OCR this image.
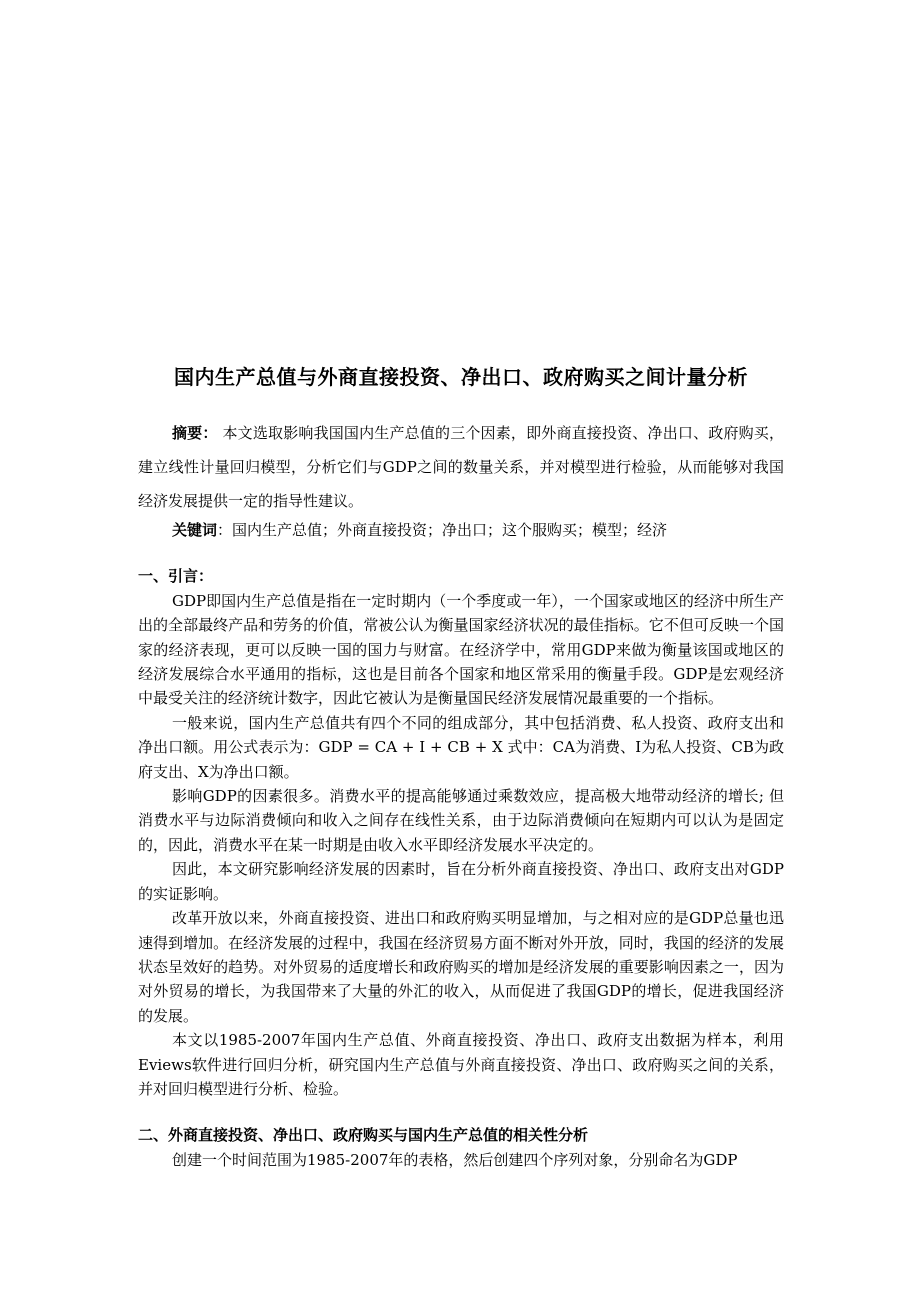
国内生产总值与外商直接投资、净出口、政府购买之间计量分析

摘要： 本文选取影响我国国内生产总值的三个因素，即外商直接投资、净出口、政府购买，建立线性计量回归模型，分析它们与GDP之间的数量关系，并对模型进行检验，从而能够对我国经济发展提供一定的指导性建议。

关键词：国内生产总值；外商直接投资；净出口；这个服购买；模型；经济

一、引言：

GDP即国内生产总值是指在一定时期内（一个季度或一年），一个国家或地区的经济中所生产出的全部最终产品和劳务的价值，常被公认为衡量国家经济状况的最佳指标。它不但可反映一个国家的经济表现，更可以反映一国的国力与财富。在经济学中，常用GDP来做为衡量该国或地区的经济发展综合水平通用的指标，这也是目前各个国家和地区常采用的衡量手段。GDP是宏观经济中最受关注的经济统计数字，因此它被认为是衡量国民经济发展情况最重要的一个指标。

一般来说，国内生产总值共有四个不同的组成部分，其中包括消费、私人投资、政府支出和净出口额。用公式表示为：GDP = CA + I + CB + X 式中：CA为消费、I为私人投资、CB为政府支出、X为净出口额。

影响GDP的因素很多。消费水平的提高能够通过乘数效应，提高极大地带动经济的增长; 但消费水平与边际消费倾向和收入之间存在线性关系，由于边际消费倾向在短期内可以认为是固定的，因此，消费水平在某一时期是由收入水平即经济发展水平决定的。

因此，本文研究影响经济发展的因素时，旨在分析外商直接投资、净出口、政府支出对GDP的实证影响。

改革开放以来，外商直接投资、进出口和政府购买明显增加，与之相对应的是GDP总量也迅速得到增加。在经济发展的过程中，我国在经济贸易方面不断对外开放，同时，我国的经济的发展状态呈效好的趋势。对外贸易的适度增长和政府购买的增加是经济发展的重要影响因素之一，因为对外贸易的增长，为我国带来了大量的外汇的收入，从而促进了我国GDP的增长，促进我国经济的发展。

本文以1985-2007年国内生产总值、外商直接投资、净出口、政府支出数据为样本，利用Eviews软件进行回归分析，研究国内生产总值与外商直接投资、净出口、政府购买之间的关系，并对回归模型进行分析、检验。

二、外商直接投资、净出口、政府购买与国内生产总值的相关性分析

创建一个时间范围为1985-2007年的表格，然后创建四个序列对象，分别命名为GDP
